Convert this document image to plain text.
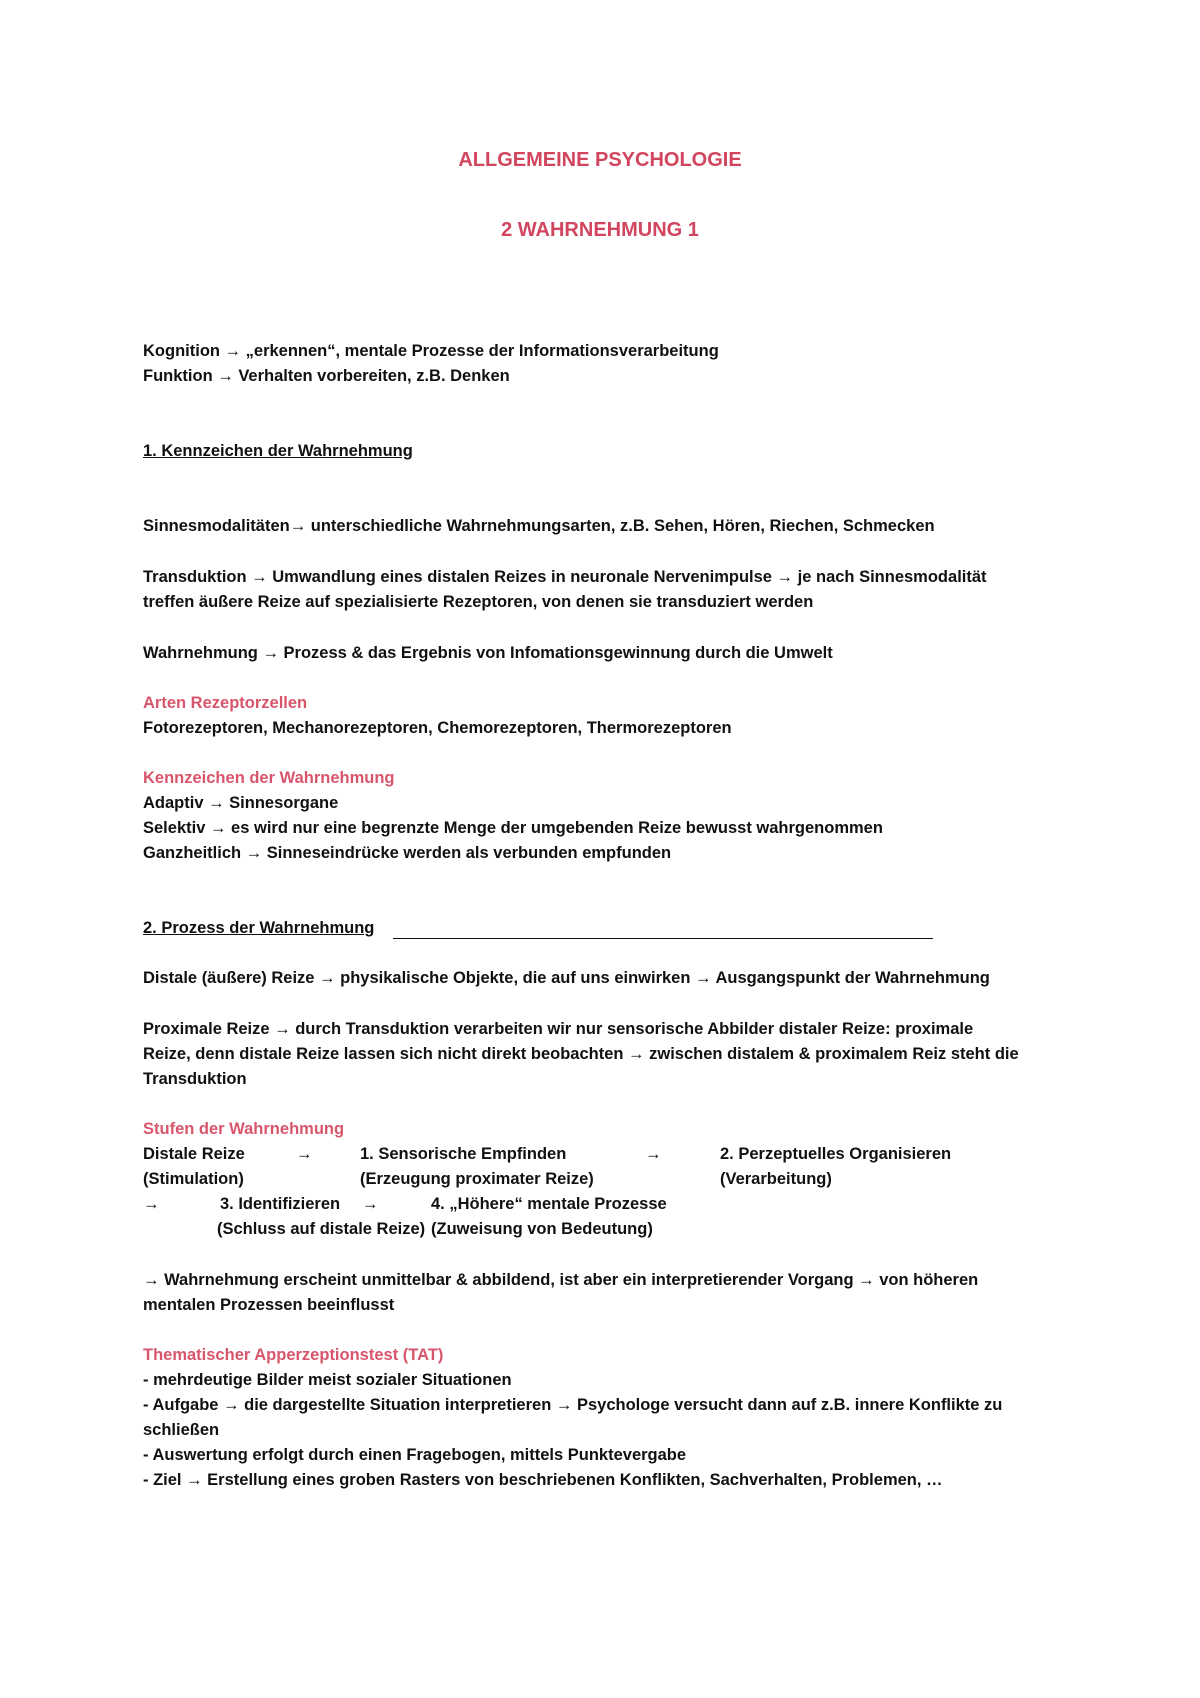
ALLGEMEINE PSYCHOLOGIE
2 WAHRNEHMUNG 1
Kognition → „erkennen“, mentale Prozesse der Informationsverarbeitung
Funktion → Verhalten vorbereiten, z.B. Denken
1. Kennzeichen der Wahrnehmung
Sinnesmodalitäten→ unterschiedliche Wahrnehmungsarten, z.B. Sehen, Hören, Riechen, Schmecken
Transduktion → Umwandlung eines distalen Reizes in neuronale Nervenimpulse → je nach Sinnesmodalität
treffen äußere Reize auf spezialisierte Rezeptoren, von denen sie transduziert werden
Wahrnehmung → Prozess & das Ergebnis von Infomationsgewinnung durch die Umwelt
Arten Rezeptorzellen
Fotorezeptoren, Mechanorezeptoren, Chemorezeptoren, Thermorezeptoren
Kennzeichen der Wahrnehmung
Adaptiv → Sinnesorgane
Selektiv → es wird nur eine begrenzte Menge der umgebenden Reize bewusst wahrgenommen
Ganzheitlich → Sinneseindrücke werden als verbunden empfunden
2. Prozess der Wahrnehmung
Distale (äußere) Reize → physikalische Objekte, die auf uns einwirken → Ausgangspunkt der Wahrnehmung
Proximale Reize → durch Transduktion verarbeiten wir nur sensorische Abbilder distaler Reize: proximale
Reize, denn distale Reize lassen sich nicht direkt beobachten → zwischen distalem & proximalem Reiz steht die
Transduktion
Stufen der Wahrnehmung
Distale Reize	→	1. Sensorische Empfinden	→	2. Perzeptuelles Organisieren
(Stimulation)	(Erzeugung proximater Reize)	(Verarbeitung)
→	3. Identifizieren →	4. „Höhere“ mentale Prozesse
(Schluss auf distale Reize) (Zuweisung von Bedeutung)
→ Wahrnehmung erscheint unmittelbar & abbildend, ist aber ein interpretierender Vorgang → von höheren
mentalen Prozessen beeinflusst
Thematischer Apperzeptionstest (TAT)
- mehrdeutige Bilder meist sozialer Situationen
- Aufgabe → die dargestellte Situation interpretieren → Psychologe versucht dann auf z.B. innere Konflikte zu
schließen
- Auswertung erfolgt durch einen Fragebogen, mittels Punktevergabe
- Ziel → Erstellung eines groben Rasters von beschriebenen Konflikten, Sachverhalten, Problemen, …
